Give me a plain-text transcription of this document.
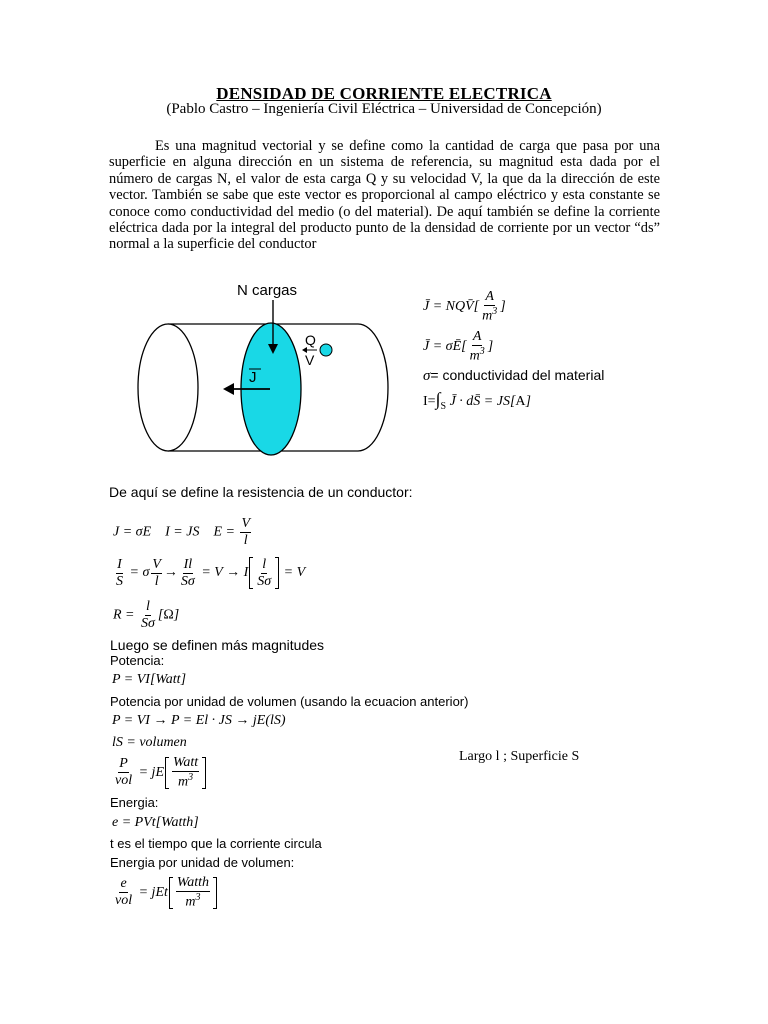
DENSIDAD DE CORRIENTE ELECTRICA
(Pablo Castro – Ingeniería Civil Eléctrica – Universidad de Concepción)
Es una magnitud vectorial y se define como la cantidad de carga que pasa por una superficie en alguna dirección en un sistema de referencia, su magnitud esta dada por el número de cargas N, el valor de esta carga Q y su velocidad V, la que da la dirección de este vector. También se sabe que este vector es proporcional al campo eléctrico y esta constante se conoce como conductividad del medio (o del material). De aquí también se define la corriente eléctrica dada por la integral del producto punto de la densidad de corriente por un vector “ds” normal a la superficie del conductor
N cargas
J
Q
V
J̄ = NQV̄[ $\frac{A}{m^3}$ ]
J̄ = σĒ[ $\frac{A}{m^3}$ ]
σ= conductividad del material
$I=\int_S$ J̄ · dS̄ = JS[A]
De aquí se define la resistencia de un conductor:
J = σE    I = JS    $E = \frac{V}{l}$
$\frac{I}{S} = \sigma \frac{V}{l} \to \frac{Il}{S\sigma} = V \to I \frac{l}{S\sigma} = V$
$R = \frac{l}{S\sigma} [\Omega]$
Luego se definen más magnitudes
Potencia:
P = VI[Watt]
Potencia por unidad de volumen (usando la ecuacion anterior)
P = VI → P = El · JS → jE(lS)
lS = volumen
$\frac{P}{\text{vol}}$ = jE $\frac{\text{Watt}}{m^3}$	Largo l ; Superficie S
Energia:
e = PVt[Watth]
t es el tiempo que la corriente circula
Energia por unidad de volumen:
$\frac{e}{\text{vol}}$ = jEt $\frac{\text{Watth}}{m^3}$
